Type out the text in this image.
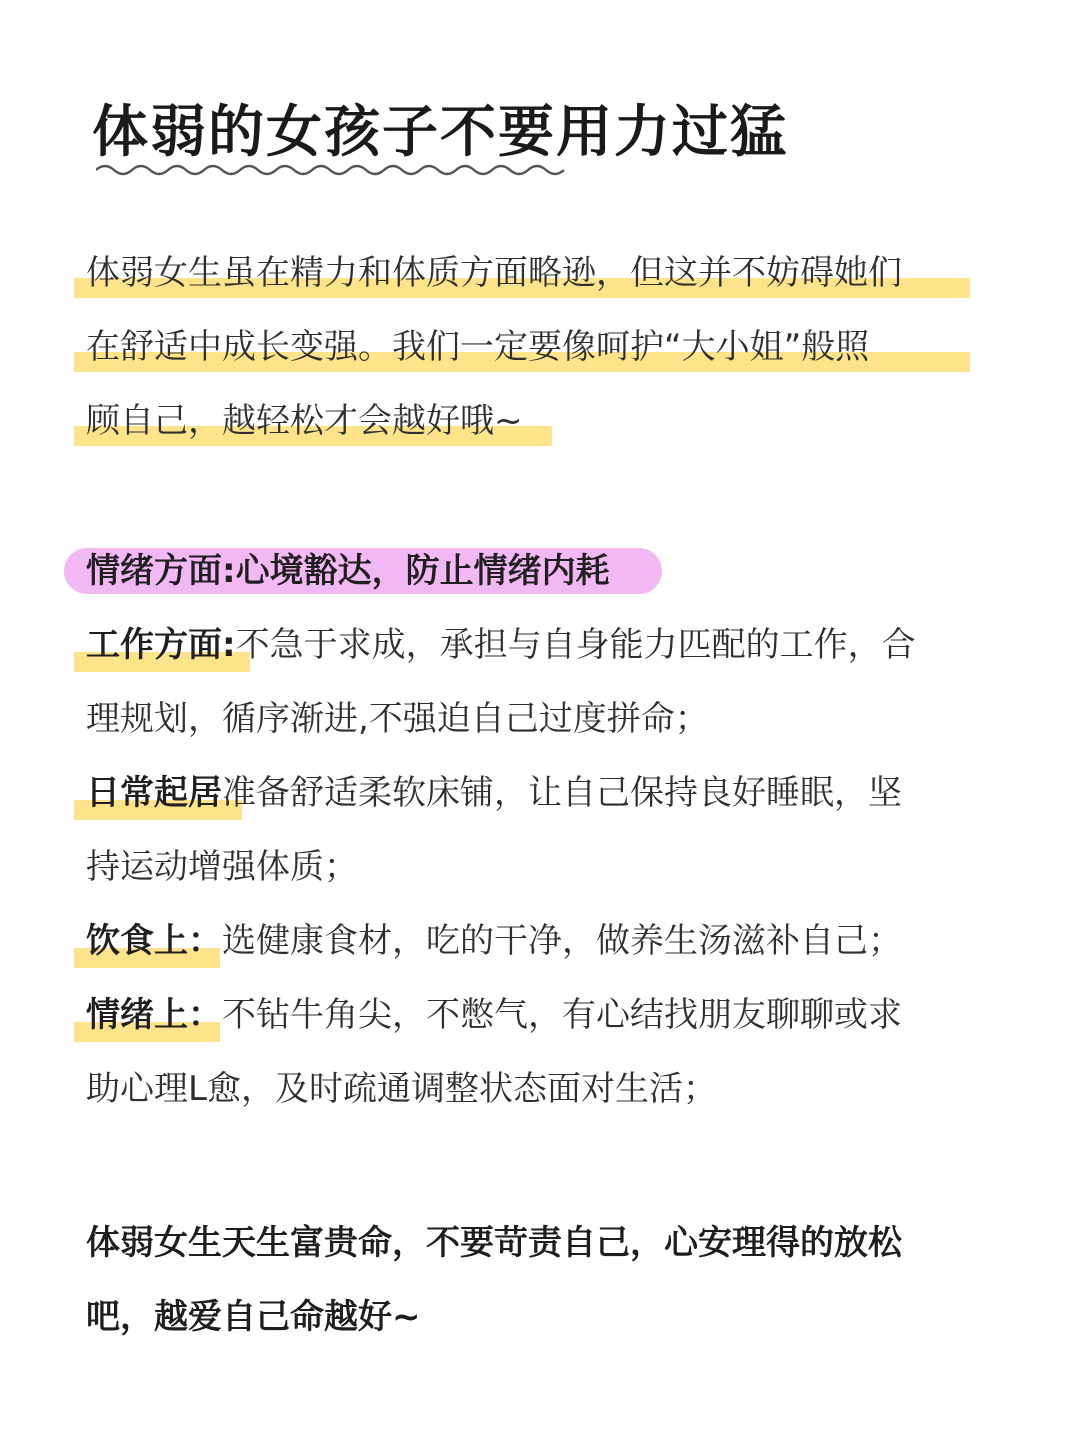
体弱的女孩子不要用力过猛
体弱女生虽在精力和体质方面略逊，但这并不妨碍她们
在舒适中成长变强。我们一定要像呵护“大小姐”般照
顾自己，越轻松才会越好哦~
情绪方面:心境豁达，防止情绪内耗
工作方面:不急于求成，承担与自身能力匹配的工作，合
理规划，循序渐进,不强迫自己过度拼命；
日常起居准备舒适柔软床铺，让自己保持良好睡眠，坚
持运动增强体质；
饮食上：选健康食材，吃的干净，做养生汤滋补自己；
情绪上：不钻牛角尖，不憋气，有心结找朋友聊聊或求
助心理L愈，及时疏通调整状态面对生活；
体弱女生天生富贵命，不要苛责自己，心安理得的放松
吧，越爱自己命越好~
